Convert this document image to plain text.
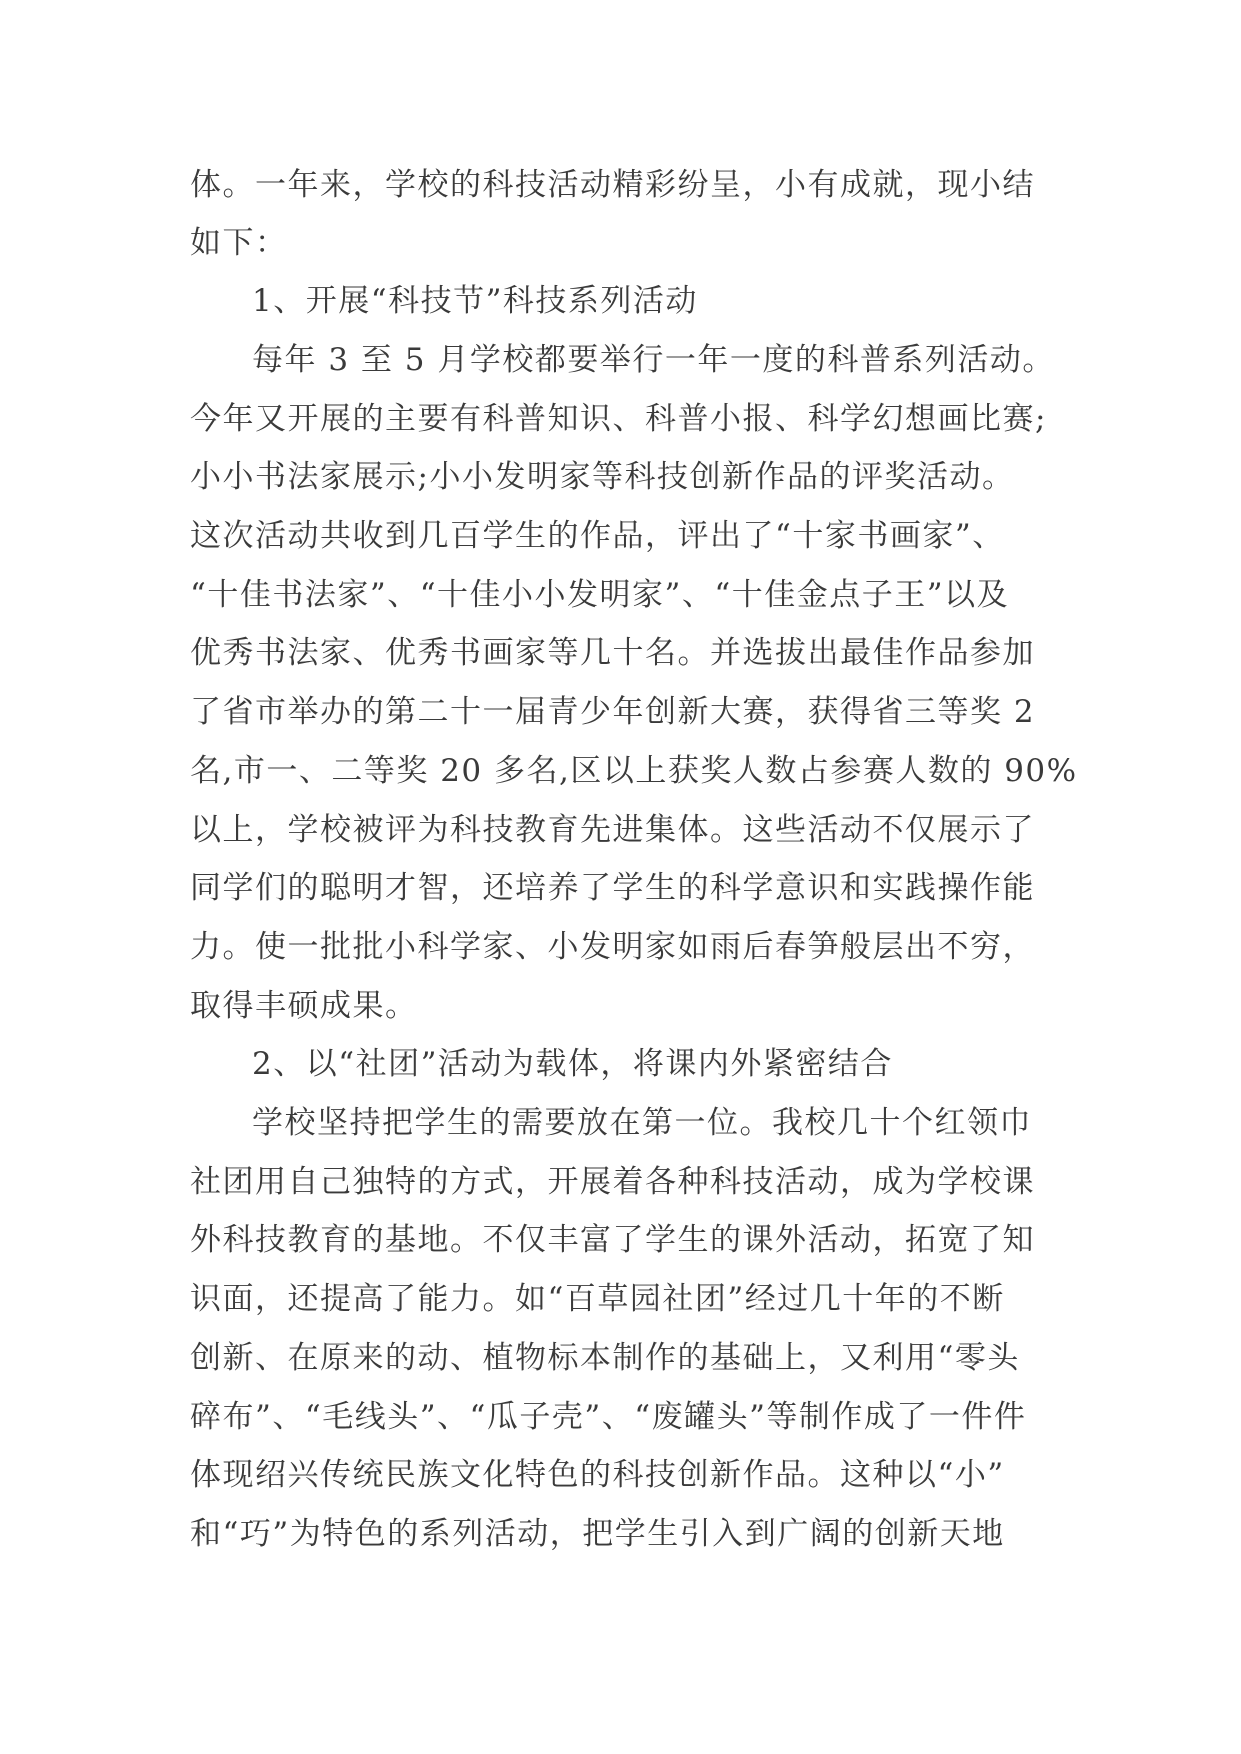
体。一年来，学校的科技活动精彩纷呈，小有成就，现小结
如下：
1、开展“科技节”科技系列活动
每年 3 至 5 月学校都要举行一年一度的科普系列活动。
今年又开展的主要有科普知识、科普小报、科学幻想画比赛;
小小书法家展示;小小发明家等科技创新作品的评奖活动。
这次活动共收到几百学生的作品，评出了“十家书画家”、
“十佳书法家”、“十佳小小发明家”、“十佳金点子王”以及
优秀书法家、优秀书画家等几十名。并选拔出最佳作品参加
了省市举办的第二十一届青少年创新大赛，获得省三等奖 2
名,市一、二等奖 20 多名,区以上获奖人数占参赛人数的 90%
以上，学校被评为科技教育先进集体。这些活动不仅展示了
同学们的聪明才智，还培养了学生的科学意识和实践操作能
力。使一批批小科学家、小发明家如雨后春笋般层出不穷，
取得丰硕成果。
2、以“社团”活动为载体，将课内外紧密结合
学校坚持把学生的需要放在第一位。我校几十个红领巾
社团用自己独特的方式，开展着各种科技活动，成为学校课
外科技教育的基地。不仅丰富了学生的课外活动，拓宽了知
识面，还提高了能力。如“百草园社团”经过几十年的不断
创新、在原来的动、植物标本制作的基础上，又利用“零头
碎布”、“毛线头”、“瓜子壳”、“废罐头”等制作成了一件件
体现绍兴传统民族文化特色的科技创新作品。这种以“小”
和“巧”为特色的系列活动，把学生引入到广阔的创新天地
